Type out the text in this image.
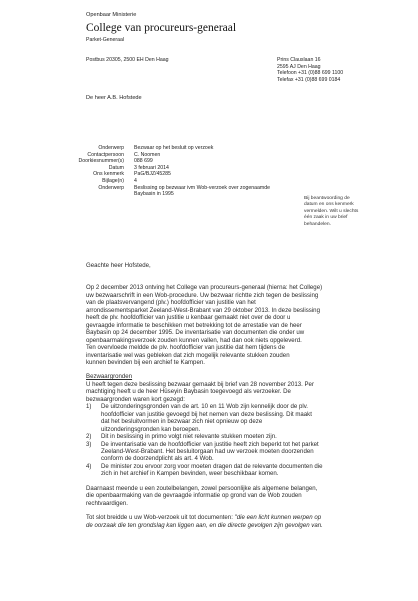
Openbaar Ministerie
College van procureurs-generaal
Parket-Generaal
Postbus 20305, 2500 EH Den Haag	Prins Clauslaan 16
2595 AJ Den Haag
Telefoon +31 (0)88 699 1100
Telefax +31 (0)88 699 0184
De heer A.B. Hofstede
Onderwerp Bezwaar op het besluit op verzoek
Contactpersoon C. Noomen
Doorkiesnummer(s) 088 699
Datum 3 februari 2014
Ons kenmerk PaG/BJZ/45285
Bijlage(n) 4
Onderwerp Beslissing op bezwaar ivm Wob-verzoek over zogenaamde
Baybasin in 1995
Bij beantwoording de
datum en ons kenmerk
vermelden. Wilt u slechts
één zaak in uw brief
behandelen.

Geachte heer Hofstede,

Op 2 december 2013 ontving het College van procureurs-generaal (hierna: het College)
uw bezwaarschrift in een Wob-procedure. Uw bezwaar richtte zich tegen de beslissing
van de plaatsvervangend (plv.) hoofdofficier van justitie van het
arrondissementsparket Zeeland-West-Brabant van 29 oktober 2013. In deze beslissing
heeft de plv. hoofdofficier van justitie u kenbaar gemaakt niet over de door u
gevraagde informatie te beschikken met betrekking tot de arrestatie van de heer
Baybasin op 24 december 1995. De inventarisatie van documenten die onder uw
openbaarmakingsverzoek zouden kunnen vallen, had dan ook niets opgeleverd.
Ten overvloede meldde de plv. hoofdofficier van justitie dat hem tijdens de
inventarisatie wel was gebleken dat zich mogelijk relevante stukken zouden
kunnen bevinden bij een archief te Kampen.
Bezwaargronden
U heeft tegen deze beslissing bezwaar gemaakt bij brief van 28 november 2013. Per
machtiging heeft u de heer Hüseyin Baybasin toegevoegd als verzoeker. De
bezwaargronden waren kort gezegd:
1)	De uitzonderingsgronden van de art. 10 en 11 Wob zijn kennelijk door de plv.
hoofdofficier van justitie gevoegd bij het nemen van deze beslissing. Dit maakt
dat het besluitvormen in bezwaar zich niet opnieuw op deze
uitzonderingsgronden kan beroepen.
2)	Dit in beslissing in primo volgt niet relevante stukken moeten zijn.
3)	De inventarisatie van de hoofdofficier van justitie heeft zich beperkt tot het parket
Zeeland-West-Brabant. Het besluitorgaan had uw verzoek moeten doorzenden
conform de doorzendplicht als art. 4 Wob.
4)	De minister zou ervoor zorg voor moeten dragen dat de relevante documenten die
zich in het archief in Kampen bevinden, weer beschikbaar komen.
Daarnaast meende u een zoutelbelangen, zowel persoonlijke als algemene belangen,
die openbaarmaking van de gevraagde informatie op grond van de Wob zouden
rechtvaardigen.
Tot slot breidde u uw Wob-verzoek uit tot documenten: "die een licht kunnen werpen op
de oorzaak die ten grondslag kan liggen aan, en die directe gevolgen zijn gevolgen van.
